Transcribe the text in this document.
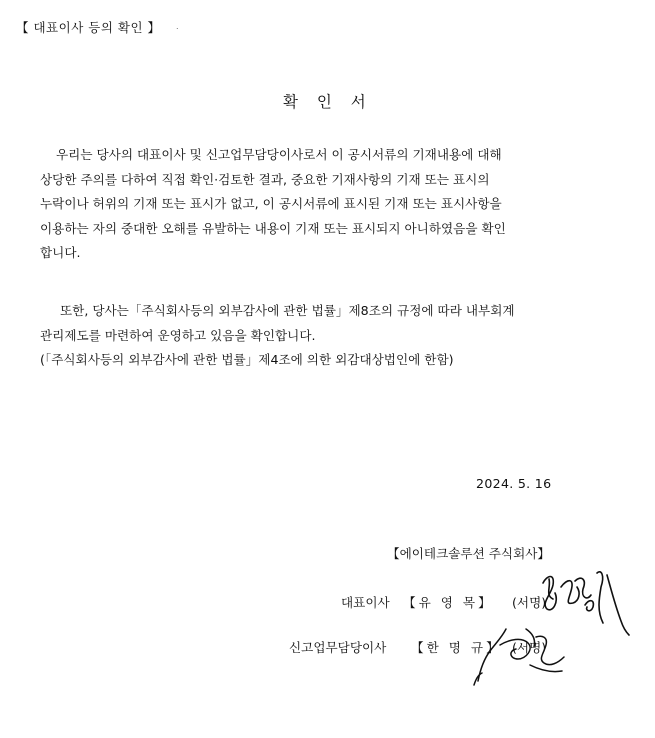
【 대표이사 등의 확인 】 .
확 인 서
우리는 당사의 대표이사 및 신고업무담당이사로서 이 공시서류의 기재내용에 대해
상당한 주의를 다하여 직접 확인·검토한 결과, 중요한 기재사항의 기재 또는 표시의
누락이나 허위의 기재 또는 표시가 없고, 이 공시서류에 표시된 기재 또는 표시사항을
이용하는 자의 중대한 오해를 유발하는 내용이 기재 또는 표시되지 아니하였음을 확인
합니다.
또한, 당사는「주식회사등의 외부감사에 관한 법률」제8조의 규정에 따라 내부회계
관리제도를 마련하여 운영하고 있음을 확인합니다.
(「주식회사등의 외부감사에 관한 법률」제4조에 의한 외감대상법인에 한함)
2024. 5. 16
【에이테크솔루션 주식회사】
대표이사 【유 영 목】 (서명)
신고업무담당이사 【한 명 규】 (서명)
